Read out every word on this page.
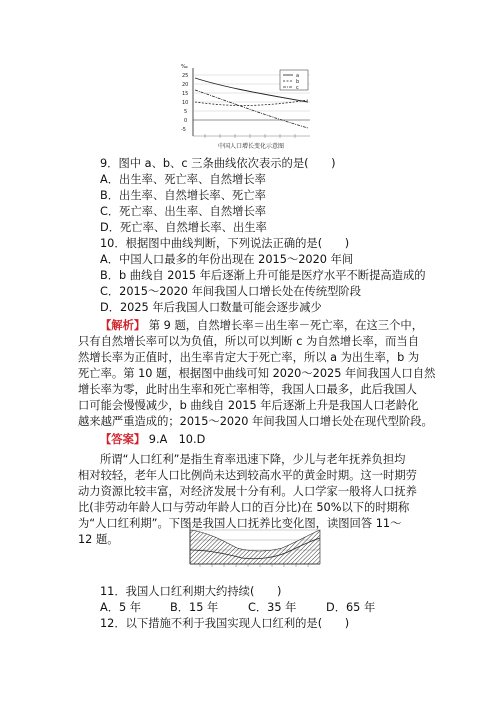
‰
25
20
15
10
5
0
-5
a
b
c
中国人口增长变化示意图
9．图中 a、b、c 三条曲线依次表示的是(　　)
A．出生率、死亡率、自然增长率
B．出生率、自然增长率、死亡率
C．死亡率、出生率、自然增长率
D．死亡率、自然增长率、出生率
10．根据图中曲线判断，下列说法正确的是(　　)
A．中国人口最多的年份出现在 2015～2020 年间
B．b 曲线自 2015 年后逐渐上升可能是医疗水平不断提高造成的
C．2015～2020 年间我国人口增长处在传统型阶段
D．2025 年后我国人口数量可能会逐步减少
【解析】 第 9 题，自然增长率＝出生率－死亡率，在这三个中，
只有自然增长率可以为负值，所以可以判断 c 为自然增长率，而当自
然增长率为正值时，出生率肯定大于死亡率，所以 a 为出生率，b 为
死亡率。第 10 题，根据图中曲线可知 2020～2025 年间我国人口自然
增长率为零，此时出生率和死亡率相等，我国人口最多，此后我国人
口可能会慢慢减少，b 曲线自 2015 年后逐渐上升是我国人口老龄化
越来越严重造成的；2015～2020 年间我国人口增长处在现代型阶段。
【答案】 9.A　10.D
所谓“人口红利”是指生育率迅速下降，少儿与老年抚养负担均
相对较轻，老年人口比例尚未达到较高水平的黄金时期。这一时期劳
动力资源比较丰富，对经济发展十分有利。人口学家一般将人口抚养
比(非劳动年龄人口与劳动年龄人口的百分比)在 50%以下的时期称
为“人口红利期”。下图是我国人口抚养比变化图，读图回答 11～
12 题。
11．我国人口红利期大约持续(　　)
A．5 年	B．15 年	C．35 年	D．65 年
12．以下措施不利于我国实现人口红利的是(　　)
